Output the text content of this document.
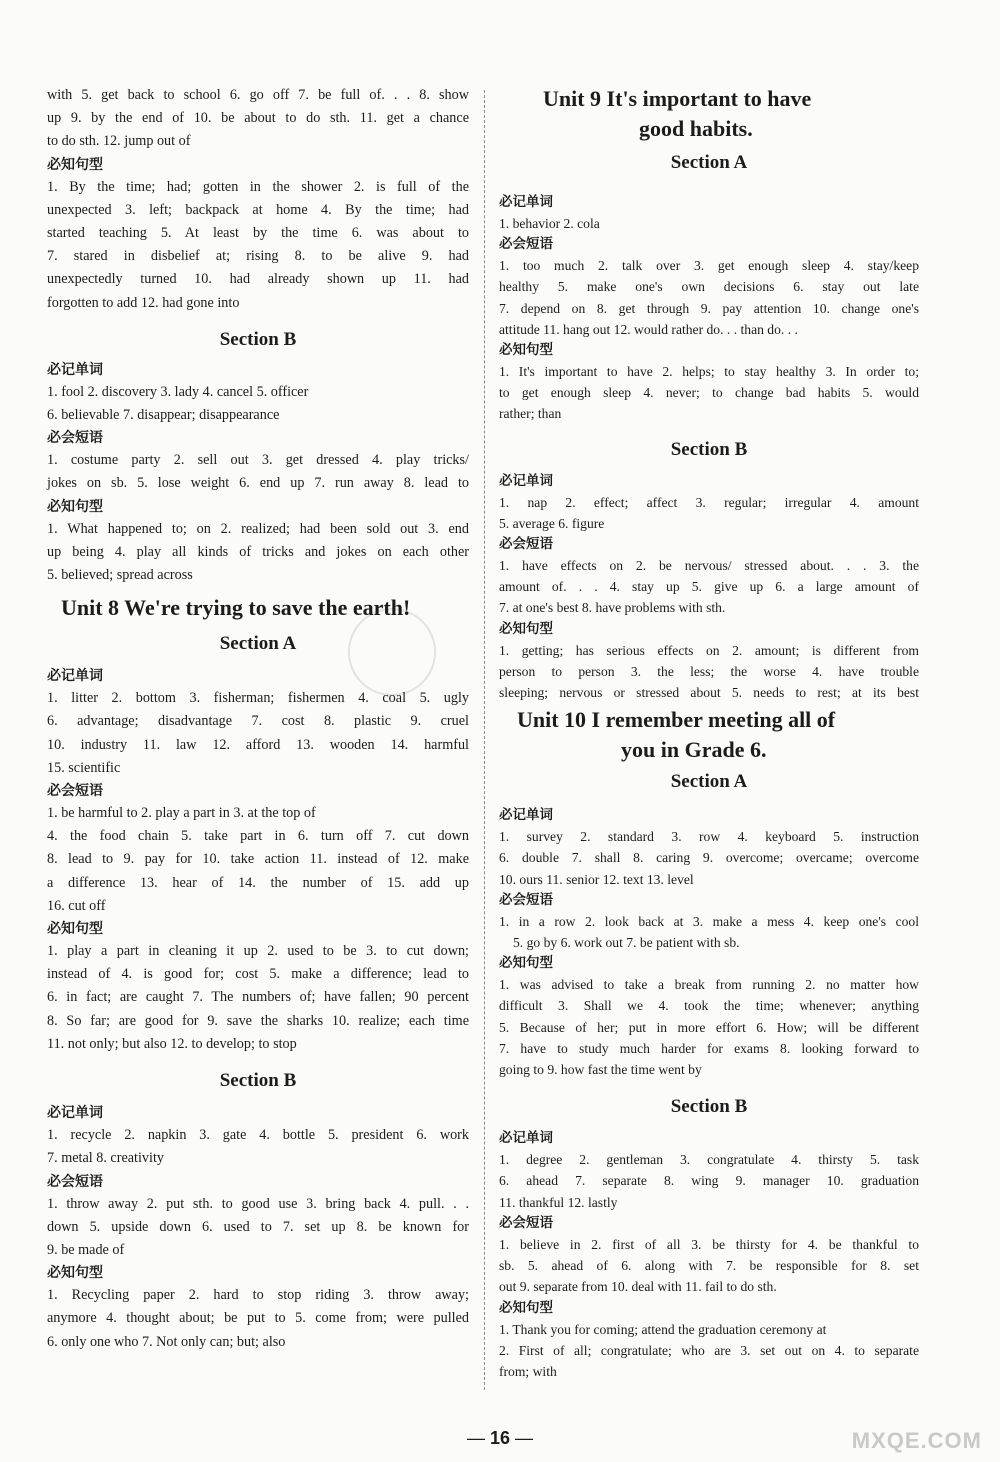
with 5. get back to school 6. go off 7. be full of. . . 8. show

up 9. by the end of 10. be about to do sth. 11. get a chance

to do sth. 12. jump out of

必知句型

1. By the time; had; gotten in the shower 2. is full of the

unexpected 3. left; backpack at home 4. By the time; had

started teaching 5. At least by the time 6. was about to

7. stared in disbelief at; rising 8. to be alive 9. had

unexpectedly turned 10. had already shown up 11. had

forgotten to add 12. had gone into

Section B

必记单词

1. fool 2. discovery 3. lady 4. cancel 5. officer

6. believable 7. disappear; disappearance

必会短语

1. costume party 2. sell out 3. get dressed 4. play tricks/

jokes on sb. 5. lose weight 6. end up 7. run away 8. lead to

必知句型

1. What happened to; on 2. realized; had been sold out 3. end

up being 4. play all kinds of tricks and jokes on each other

5. believed; spread across

Unit 8 We're trying to save the earth!

Section A

必记单词

1. litter 2. bottom 3. fisherman; fishermen 4. coal 5. ugly

6. advantage; disadvantage 7. cost 8. plastic 9. cruel

10. industry 11. law 12. afford 13. wooden 14. harmful

15. scientific

必会短语

1. be harmful to 2. play a part in 3. at the top of

4. the food chain 5. take part in 6. turn off 7. cut down

8. lead to 9. pay for 10. take action 11. instead of 12. make

a difference 13. hear of 14. the number of 15. add up

16. cut off

必知句型

1. play a part in cleaning it up 2. used to be 3. to cut down;

instead of 4. is good for; cost 5. make a difference; lead to

6. in fact; are caught 7. The numbers of; have fallen; 90 percent

8. So far; are good for 9. save the sharks 10. realize; each time

11. not only; but also 12. to develop; to stop

Section B

必记单词

1. recycle 2. napkin 3. gate 4. bottle 5. president 6. work

7. metal 8. creativity

必会短语

1. throw away 2. put sth. to good use 3. bring back 4. pull. . .

down 5. upside down 6. used to 7. set up 8. be known for

9. be made of

必知句型

1. Recycling paper 2. hard to stop riding 3. throw away;

anymore 4. thought about; be put to 5. come from; were pulled

6. only one who 7. Not only can; but; also

Unit 9 It's important to have

good habits.

Section A

必记单词

1. behavior 2. cola

必会短语

1. too much 2. talk over 3. get enough sleep 4. stay/keep

healthy 5. make one's own decisions 6. stay out late

7. depend on 8. get through 9. pay attention 10. change one's

attitude 11. hang out 12. would rather do. . . than do. . .

必知句型

1. It's important to have 2. helps; to stay healthy 3. In order to;

to get enough sleep 4. never; to change bad habits 5. would

rather; than

Section B

必记单词

1. nap 2. effect; affect 3. regular; irregular 4. amount

5. average 6. figure

必会短语

1. have effects on 2. be nervous/ stressed about. . . 3. the

amount of. . . 4. stay up 5. give up 6. a large amount of

7. at one's best 8. have problems with sth.

必知句型

1. getting; has serious effects on 2. amount; is different from

person to person 3. the less; the worse 4. have trouble

sleeping; nervous or stressed about 5. needs to rest; at its best

Unit 10 I remember meeting all of

you in Grade 6.

Section A

必记单词

1. survey 2. standard 3. row 4. keyboard 5. instruction

6. double 7. shall 8. caring 9. overcome; overcame; overcome

10. ours 11. senior 12. text 13. level

必会短语

1. in a row 2. look back at 3. make a mess 4. keep one's cool

5. go by 6. work out 7. be patient with sb.

必知句型

1. was advised to take a break from running 2. no matter how

difficult 3. Shall we 4. took the time; whenever; anything

5. Because of her; put in more effort 6. How; will be different

7. have to study much harder for exams 8. looking forward to

going to 9. how fast the time went by

Section B

必记单词

1. degree 2. gentleman 3. congratulate 4. thirsty 5. task

6. ahead 7. separate 8. wing 9. manager 10. graduation

11. thankful 12. lastly

必会短语

1. believe in 2. first of all 3. be thirsty for 4. be thankful to

sb. 5. ahead of 6. along with 7. be responsible for 8. set

out 9. separate from 10. deal with 11. fail to do sth.

必知句型

1. Thank you for coming; attend the graduation ceremony at

2. First of all; congratulate; who are 3. set out on 4. to separate

from; with

— 16 —	MXQE.COM
